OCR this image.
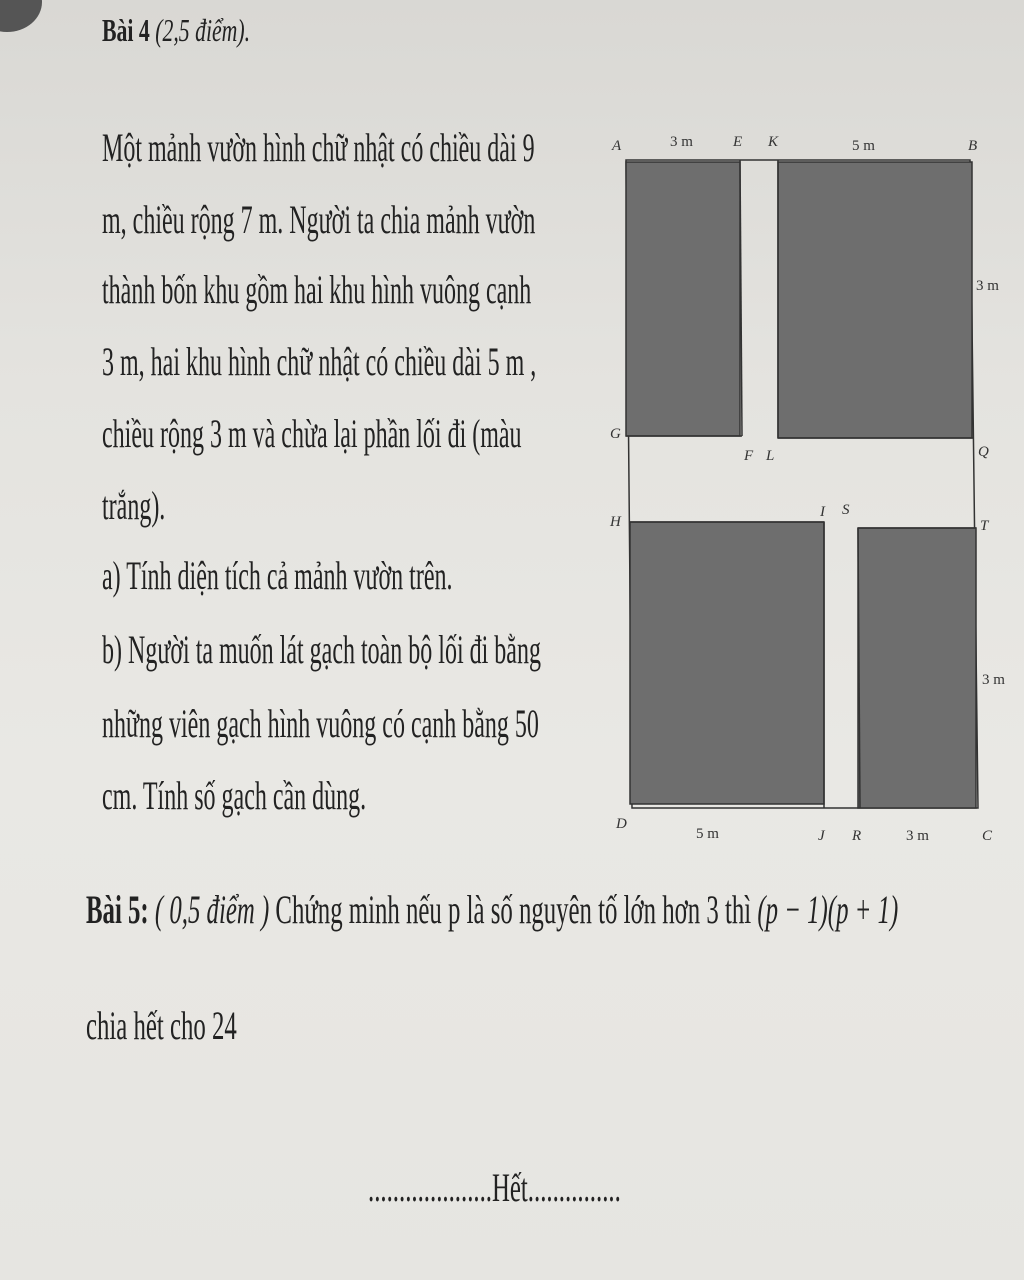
Bài 4 (2,5 điểm).
Một mảnh vườn hình chữ nhật có chiều dài 9
m, chiều rộng 7 m. Người ta chia mảnh vườn
thành bốn khu gồm hai khu hình vuông cạnh
3 m, hai khu hình chữ nhật có chiều dài 5 m ,
chiều rộng 3 m và chừa lại phần lối đi (màu
trắng).
a) Tính diện tích cả mảnh vườn trên.
b) Người ta muốn lát gạch toàn bộ lối đi bằng
những viên gạch hình vuông có cạnh bằng 50
cm. Tính số gạch cần dùng.
A	E K	B
G
F L	Q
H
I S
T
D
J R	C
3 m	5 m
3 m
3 m
5 m	3 m
Bài 5: ( 0,5 điểm ) Chứng minh nếu p là số nguyên tố lớn hơn 3 thì (p − 1)(p + 1)
chia hết cho 24
....................Hết...............
